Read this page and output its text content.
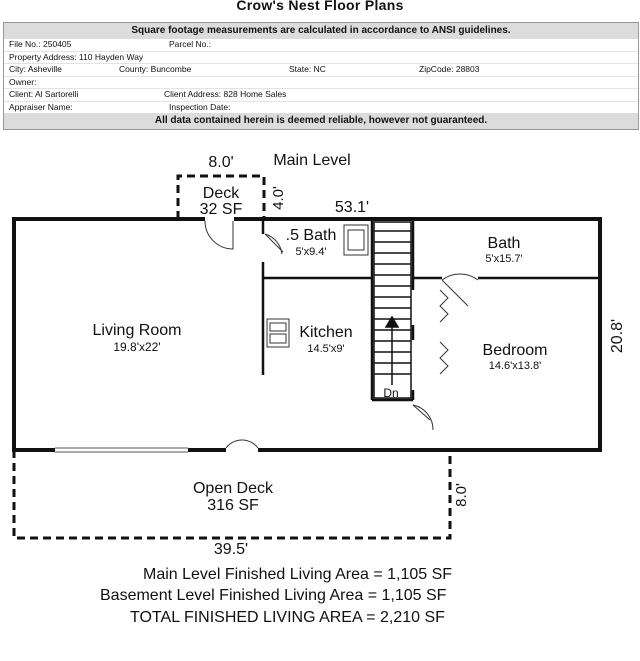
Crow's Nest Floor Plans
Square footage measurements are calculated in accordance to ANSI guidelines.
File No.: 250405	Parcel No.:
Property Address: 110 Hayden Way
City: Asheville	County: Buncombe	State: NC	ZipCode: 28803
Owner:
Client: Al Sartorelli	Client Address: 828 Home Sales
Appraiser Name:	Inspection Date:
All data contained herein is deemed reliable, however not guaranteed.
8.0' Main Level
4.0'	53.1'
20.8'
8.0'
39.5'
Dn
Deck
32 SF
.5 Bath
5'x9.4'	Bath
5'x15.7'
Living Room
19.8'x22'
Kitchen
14.5'x9'	Bedroom
14.6'x13.8'
Open Deck
316 SF
Main Level Finished Living Area = 1,105 SF
Basement Level Finished Living Area = 1,105 SF
TOTAL FINISHED LIVING AREA = 2,210 SF
